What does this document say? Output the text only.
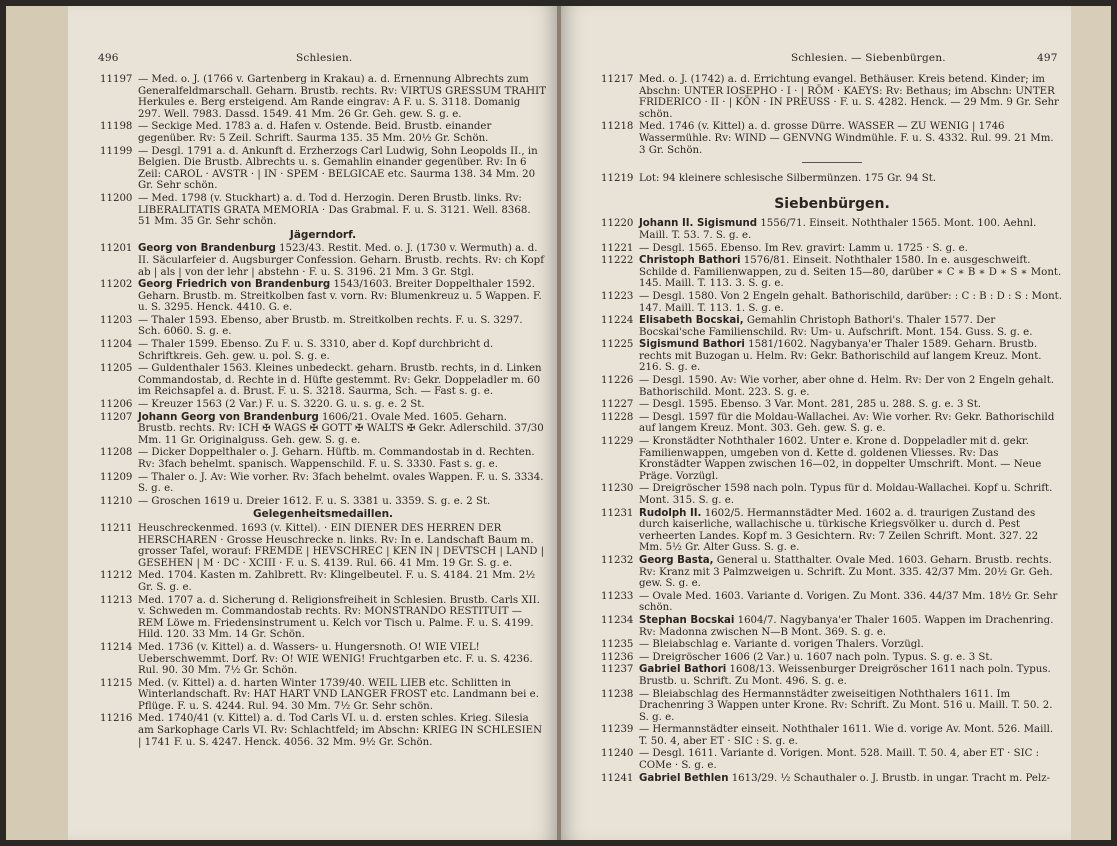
496	Schlesien.
11197 — Med. o. J. (1766 v. Gartenberg in Krakau) a. d. Ernennung Albrechts zum Generalfeldmarschall. Geharn. Brustb. rechts. Rv: VIRTUS GRESSUM TRAHIT Herkules e. Berg ersteigend. Am Rande eingrav: A F. u. S. 3118. Domanig 297. Well. 7983. Dassd. 1549. 41 Mm. 26 Gr. Geh. gew. S. g. e.
11198 — Seckige Med. 1783 a. d. Hafen v. Ostende. Beid. Brustb. einander gegenüber. Rv: 5 Zeil. Schrift. Saurma 135. 35 Mm. 20½ Gr. Schön.
11199 — Desgl. 1791 a. d. Ankunft d. Erzherzogs Carl Ludwig, Sohn Leopolds II., in Belgien. Die Brustb. Albrechts u. s. Gemahlin einander gegenüber. Rv: In 6 Zeil: CAROL · AVSTR · | IN · SPEM · BELGICAE etc. Saurma 138. 34 Mm. 20 Gr. Sehr schön.
11200 — Med. 1798 (v. Stuckhart) a. d. Tod d. Herzogin. Deren Brustb. links. Rv: LIBERALITATIS GRATA MEMORIA · Das Grabmal. F. u. S. 3121. Well. 8368. 51 Mm. 35 Gr. Sehr schön.
Jägerndorf.
11201 Georg von Brandenburg 1523/43. Restit. Med. o. J. (1730 v. Wermuth) a. d. II. Säcularfeier d. Augsburger Confession. Geharn. Brustb. rechts. Rv: ch Kopf ab | als | von der lehr | abstehn · F. u. S. 3196. 21 Mm. 3 Gr. Stgl.
11202 Georg Friedrich von Brandenburg 1543/1603. Breiter Doppelthaler 1592. Geharn. Brustb. m. Streitkolben fast v. vorn. Rv: Blumenkreuz u. 5 Wappen. F. u. S. 3295. Henck. 4410. G. e.
11203 — Thaler 1593. Ebenso, aber Brustb. m. Streitkolben rechts. F. u. S. 3297. Sch. 6060. S. g. e.
11204 — Thaler 1599. Ebenso. Zu F. u. S. 3310, aber d. Kopf durchbricht d. Schriftkreis. Geh. gew. u. pol. S. g. e.
11205 — Guldenthaler 1563. Kleines unbedeckt. geharn. Brustb. rechts, in d. Linken Commandostab, d. Rechte in d. Hüfte gestemmt. Rv: Gekr. Doppeladler m. 60 im Reichsapfel a. d. Brust. F. u. S. 3218. Saurma, Sch. — Fast s. g. e.
11206 — Kreuzer 1563 (2 Var.) F. u. S. 3220. G. u. s. g. e. 2 St.
11207 Johann Georg von Brandenburg 1606/21. Ovale Med. 1605. Geharn. Brustb. rechts. Rv: ICH ✠ WAGS ✠ GOTT ✠ WALTS ✠ Gekr. Adlerschild. 37/30 Mm. 11 Gr. Originalguss. Geh. gew. S. g. e.
11208 — Dicker Doppelthaler o. J. Geharn. Hüftb. m. Commandostab in d. Rechten. Rv: 3fach behelmt. spanisch. Wappenschild. F. u. S. 3330. Fast s. g. e.
11209 — Thaler o. J. Av: Wie vorher. Rv: 3fach behelmt. ovales Wappen. F. u. S. 3334. S. g. e.
11210 — Groschen 1619 u. Dreier 1612. F. u. S. 3381 u. 3359. S. g. e. 2 St.
Gelegenheitsmedaillen.
11211 Heuschreckenmed. 1693 (v. Kittel). · EIN DIENER DES HERREN DER HERSCHAREN · Grosse Heuschrecke n. links. Rv: In e. Landschaft Baum m. grosser Tafel, worauf: FREMDE | HEVSCHREC | KEN IN | DEVTSCH | LAND | GESEHEN | M · DC · XCIII · F. u. S. 4139. Rul. 66. 41 Mm. 19 Gr. S. g. e.
11212 Med. 1704. Kasten m. Zahlbrett. Rv: Klingelbeutel. F. u. S. 4184. 21 Mm. 2½ Gr. S. g. e.
11213 Med. 1707 a. d. Sicherung d. Religionsfreiheit in Schlesien. Brustb. Carls XII. v. Schweden m. Commandostab rechts. Rv: MONSTRANDO RESTITUIT — REM Löwe m. Friedensinstrument u. Kelch vor Tisch u. Palme. F. u. S. 4199. Hild. 120. 33 Mm. 14 Gr. Schön.
11214 Med. 1736 (v. Kittel) a. d. Wassers- u. Hungersnoth. O! WIE VIEL! Ueberschwemmt. Dorf. Rv: O! WIE WENIG! Fruchtgarben etc. F. u. S. 4236. Rul. 90. 30 Mm. 7½ Gr. Schön.
11215 Med. (v. Kittel) a. d. harten Winter 1739/40. WEIL LIEB etc. Schlitten in Winterlandschaft. Rv: HAT HART VND LANGER FROST etc. Landmann bei e. Pflüge. F. u. S. 4244. Rul. 94. 30 Mm. 7½ Gr. Sehr schön.
11216 Med. 1740/41 (v. Kittel) a. d. Tod Carls VI. u. d. ersten schles. Krieg. Silesia am Sarkophage Carls VI. Rv: Schlachtfeld; im Abschn: KRIEG IN SCHLESIEN | 1741 F. u. S. 4247. Henck. 4056. 32 Mm. 9½ Gr. Schön.
Schlesien. — Siebenbürgen.	497
11217 Med. o. J. (1742) a. d. Errichtung evangel. Bethäuser. Kreis betend. Kinder; im Abschn: UNTER IOSEPHO · I · | RÖM · KAEYS: Rv: Bethaus; im Abschn: UNTER FRIDERICO · II · | KÖN · IN PREUSS · F. u. S. 4282. Henck. — 29 Mm. 9 Gr. Sehr schön.
11218 Med. 1746 (v. Kittel) a. d. grosse Dürre. WASSER — ZU WENIG | 1746 Wassermühle. Rv: WIND — GENVNG Windmühle. F. u. S. 4332. Rul. 99. 21 Mm. 3 Gr. Schön.
11219 Lot: 94 kleinere schlesische Silbermünzen. 175 Gr. 94 St.
Siebenbürgen.
11220 Johann II. Sigismund 1556/71. Einseit. Noththaler 1565. Mont. 100. Aehnl. Maill. T. 53. 7. S. g. e.
11221 — Desgl. 1565. Ebenso. Im Rev. gravirt: Lamm u. 1725 · S. g. e.
11222 Christoph Bathori 1576/81. Einseit. Noththaler 1580. In e. ausgeschweift. Schilde d. Familienwappen, zu d. Seiten 15—80, darüber ∗ C ∗ B ∗ D ∗ S ∗ Mont. 145. Maill. T. 113. 3. S. g. e.
11223 — Desgl. 1580. Von 2 Engeln gehalt. Bathorischild, darüber: : C : B : D : S : Mont. 147. Maill. T. 113. 1. S. g. e.
11224 Elisabeth Bocskai, Gemahlin Christoph Bathori's. Thaler 1577. Der Bocskai'sche Familienschild. Rv: Um- u. Aufschrift. Mont. 154. Guss. S. g. e.
11225 Sigismund Bathori 1581/1602. Nagybanya'er Thaler 1589. Geharn. Brustb. rechts mit Buzogan u. Helm. Rv: Gekr. Bathorischild auf langem Kreuz. Mont. 216. S. g. e.
11226 — Desgl. 1590. Av: Wie vorher, aber ohne d. Helm. Rv: Der von 2 Engeln gehalt. Bathorischild. Mont. 223. S. g. e.
11227 — Desgl. 1595. Ebenso. 3 Var. Mont. 281, 285 u. 288. S. g. e. 3 St.
11228 — Desgl. 1597 für die Moldau-Wallachei. Av: Wie vorher. Rv: Gekr. Bathorischild auf langem Kreuz. Mont. 303. Geh. gew. S. g. e.
11229 — Kronstädter Noththaler 1602. Unter e. Krone d. Doppeladler mit d. gekr. Familienwappen, umgeben von d. Kette d. goldenen Vliesses. Rv: Das Kronstädter Wappen zwischen 16—02, in doppelter Umschrift. Mont. — Neue Präge. Vorzügl.
11230 — Dreigröscher 1598 nach poln. Typus für d. Moldau-Wallachei. Kopf u. Schrift. Mont. 315. S. g. e.
11231 Rudolph II. 1602/5. Hermannstädter Med. 1602 a. d. traurigen Zustand des durch kaiserliche, wallachische u. türkische Kriegsvölker u. durch d. Pest verheerten Landes. Kopf m. 3 Gesichtern. Rv: 7 Zeilen Schrift. Mont. 327. 22 Mm. 5½ Gr. Alter Guss. S. g. e.
11232 Georg Basta, General u. Statthalter. Ovale Med. 1603. Geharn. Brustb. rechts. Rv: Kranz mit 3 Palmzweigen u. Schrift. Zu Mont. 335. 42/37 Mm. 20½ Gr. Geh. gew. S. g. e.
11233 — Ovale Med. 1603. Variante d. Vorigen. Zu Mont. 336. 44/37 Mm. 18½ Gr. Sehr schön.
11234 Stephan Bocskai 1604/7. Nagybanya'er Thaler 1605. Wappen im Drachenring. Rv: Madonna zwischen N—B Mont. 369. S. g. e.
11235 — Bleiabschlag e. Variante d. vorigen Thalers. Vorzügl.
11236 — Dreigröscher 1606 (2 Var.) u. 1607 nach poln. Typus. S. g. e. 3 St.
11237 Gabriel Bathori 1608/13. Weissenburger Dreigröscher 1611 nach poln. Typus. Brustb. u. Schrift. Zu Mont. 496. S. g. e.
11238 — Bleiabschlag des Hermannstädter zweiseitigen Noththalers 1611. Im Drachenring 3 Wappen unter Krone. Rv: Schrift. Zu Mont. 516 u. Maill. T. 50. 2. S. g. e.
11239 — Hermannstädter einseit. Noththaler 1611. Wie d. vorige Av. Mont. 526. Maill. T. 50. 4, aber ET · SIC : S. g. e.
11240 — Desgl. 1611. Variante d. Vorigen. Mont. 528. Maill. T. 50. 4, aber ET · SIC : COMe · S. g. e.
11241 Gabriel Bethlen 1613/29. ½ Schauthaler o. J. Brustb. in ungar. Tracht m. Pelz-
